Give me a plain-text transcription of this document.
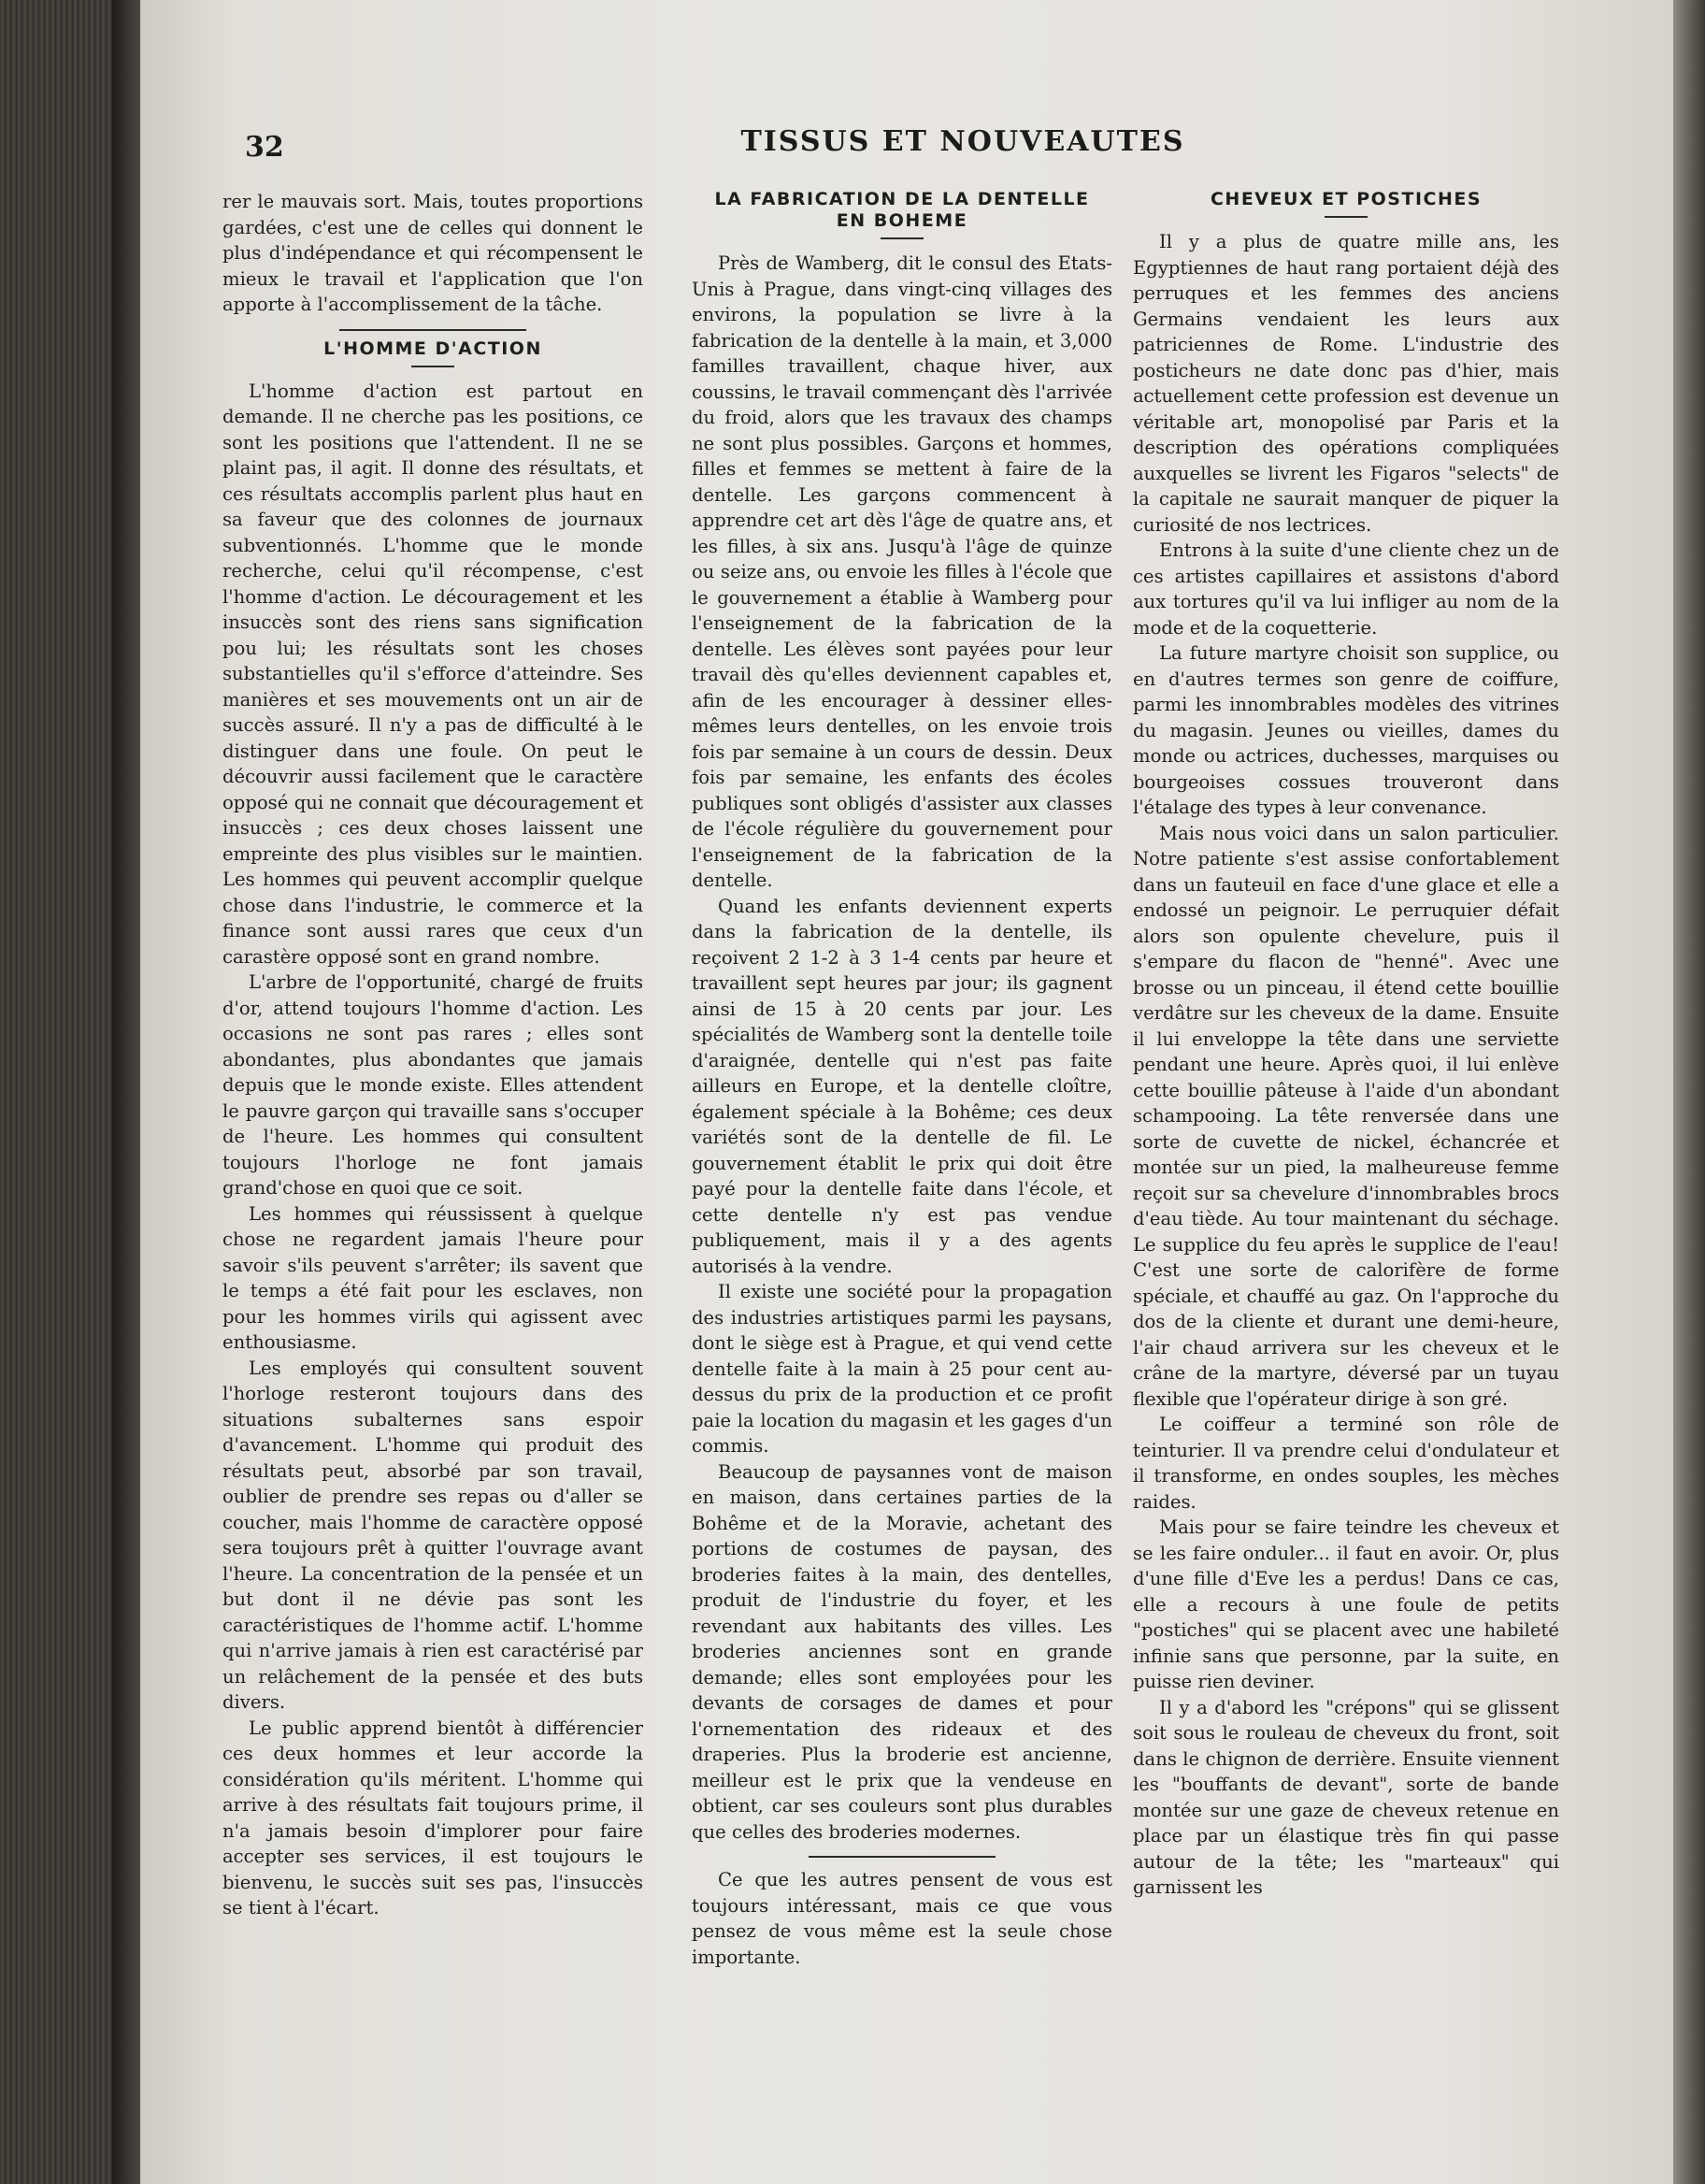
32	TISSUS ET NOUVEAUTES

rer le mauvais sort. Mais, toutes proportions gardées, c'est une de celles qui donnent le plus d'indépendance et qui récompensent le mieux le travail et l'application que l'on apporte à l'accomplissement de la tâche.

L'HOMME D'ACTION

L'homme d'action est partout en demande. Il ne cherche pas les positions, ce sont les positions que l'attendent. Il ne se plaint pas, il agit. Il donne des résultats, et ces résultats accomplis parlent plus haut en sa faveur que des colonnes de journaux subventionnés. L'homme que le monde recherche, celui qu'il récompense, c'est l'homme d'action. Le découragement et les insuccès sont des riens sans signification pou lui; les résultats sont les choses substantielles qu'il s'efforce d'atteindre. Ses manières et ses mouvements ont un air de succès assuré. Il n'y a pas de difficulté à le distinguer dans une foule. On peut le découvrir aussi facilement que le caractère opposé qui ne connait que découragement et insuccès ; ces deux choses laissent une empreinte des plus visibles sur le maintien. Les hommes qui peuvent accomplir quelque chose dans l'industrie, le commerce et la finance sont aussi rares que ceux d'un carastère opposé sont en grand nombre.

L'arbre de l'opportunité, chargé de fruits d'or, attend toujours l'homme d'action. Les occasions ne sont pas rares ; elles sont abondantes, plus abondantes que jamais depuis que le monde existe. Elles attendent le pauvre garçon qui travaille sans s'occuper de l'heure. Les hommes qui consultent toujours l'horloge ne font jamais grand'chose en quoi que ce soit.

Les hommes qui réussissent à quelque chose ne regardent jamais l'heure pour savoir s'ils peuvent s'arrêter; ils savent que le temps a été fait pour les esclaves, non pour les hommes virils qui agissent avec enthousiasme.

Les employés qui consultent souvent l'horloge resteront toujours dans des situations subalternes sans espoir d'avancement. L'homme qui produit des résultats peut, absorbé par son travail, oublier de prendre ses repas ou d'aller se coucher, mais l'homme de caractère opposé sera toujours prêt à quitter l'ouvrage avant l'heure. La concentration de la pensée et un but dont il ne dévie pas sont les caractéristiques de l'homme actif. L'homme qui n'arrive jamais à rien est caractérisé par un relâchement de la pensée et des buts divers.

Le public apprend bientôt à différencier ces deux hommes et leur accorde la considération qu'ils méritent. L'homme qui arrive à des résultats fait toujours prime, il n'a jamais besoin d'implorer pour faire accepter ses services, il est toujours le bienvenu, le succès suit ses pas, l'insuccès se tient à l'écart.

LA FABRICATION DE LA DENTELLE
EN BOHEME

Près de Wamberg, dit le consul des Etats-Unis à Prague, dans vingt-cinq villages des environs, la population se livre à la fabrication de la dentelle à la main, et 3,000 familles travaillent, chaque hiver, aux coussins, le travail commençant dès l'arrivée du froid, alors que les travaux des champs ne sont plus possibles. Garçons et hommes, filles et femmes se mettent à faire de la dentelle. Les garçons commencent à apprendre cet art dès l'âge de quatre ans, et les filles, à six ans. Jusqu'à l'âge de quinze ou seize ans, ou envoie les filles à l'école que le gouvernement a établie à Wamberg pour l'enseignement de la fabrication de la dentelle. Les élèves sont payées pour leur travail dès qu'elles deviennent capables et, afin de les encourager à dessiner elles-mêmes leurs dentelles, on les envoie trois fois par semaine à un cours de dessin. Deux fois par semaine, les enfants des écoles publiques sont obligés d'assister aux classes de l'école régulière du gouvernement pour l'enseignement de la fabrication de la dentelle.

Quand les enfants deviennent experts dans la fabrication de la dentelle, ils reçoivent 2 1-2 à 3 1-4 cents par heure et travaillent sept heures par jour; ils gagnent ainsi de 15 à 20 cents par jour. Les spécialités de Wamberg sont la dentelle toile d'araignée, dentelle qui n'est pas faite ailleurs en Europe, et la dentelle cloître, également spéciale à la Bohême; ces deux variétés sont de la dentelle de fil. Le gouvernement établit le prix qui doit être payé pour la dentelle faite dans l'école, et cette dentelle n'y est pas vendue publiquement, mais il y a des agents autorisés à la vendre.

Il existe une société pour la propagation des industries artistiques parmi les paysans, dont le siège est à Prague, et qui vend cette dentelle faite à la main à 25 pour cent au-dessus du prix de la production et ce profit paie la location du magasin et les gages d'un commis.

Beaucoup de paysannes vont de maison en maison, dans certaines parties de la Bohême et de la Moravie, achetant des portions de costumes de paysan, des broderies faites à la main, des dentelles, produit de l'industrie du foyer, et les revendant aux habitants des villes. Les broderies anciennes sont en grande demande; elles sont employées pour les devants de corsages de dames et pour l'ornementation des rideaux et des draperies. Plus la broderie est ancienne, meilleur est le prix que la vendeuse en obtient, car ses couleurs sont plus durables que celles des broderies modernes.

Ce que les autres pensent de vous est toujours intéressant, mais ce que vous pensez de vous même est la seule chose importante.

CHEVEUX ET POSTICHES

Il y a plus de quatre mille ans, les Egyptiennes de haut rang portaient déjà des perruques et les femmes des anciens Germains vendaient les leurs aux patriciennes de Rome. L'industrie des posticheurs ne date donc pas d'hier, mais actuellement cette profession est devenue un véritable art, monopolisé par Paris et la description des opérations compliquées auxquelles se livrent les Figaros "selects" de la capitale ne saurait manquer de piquer la curiosité de nos lectrices.

Entrons à la suite d'une cliente chez un de ces artistes capillaires et assistons d'abord aux tortures qu'il va lui infliger au nom de la mode et de la coquetterie.

La future martyre choisit son supplice, ou en d'autres termes son genre de coiffure, parmi les innombrables modèles des vitrines du magasin. Jeunes ou vieilles, dames du monde ou actrices, duchesses, marquises ou bourgeoises cossues trouveront dans l'étalage des types à leur convenance.

Mais nous voici dans un salon particulier. Notre patiente s'est assise confortablement dans un fauteuil en face d'une glace et elle a endossé un peignoir. Le perruquier défait alors son opulente chevelure, puis il s'empare du flacon de "henné". Avec une brosse ou un pinceau, il étend cette bouillie verdâtre sur les cheveux de la dame. Ensuite il lui enveloppe la tête dans une serviette pendant une heure. Après quoi, il lui enlève cette bouillie pâteuse à l'aide d'un abondant schampooing. La tête renversée dans une sorte de cuvette de nickel, échancrée et montée sur un pied, la malheureuse femme reçoit sur sa chevelure d'innombrables brocs d'eau tiède. Au tour maintenant du séchage. Le supplice du feu après le supplice de l'eau! C'est une sorte de calorifère de forme spéciale, et chauffé au gaz. On l'approche du dos de la cliente et durant une demi-heure, l'air chaud arrivera sur les cheveux et le crâne de la martyre, déversé par un tuyau flexible que l'opérateur dirige à son gré.

Le coiffeur a terminé son rôle de teinturier. Il va prendre celui d'ondulateur et il transforme, en ondes souples, les mèches raides.

Mais pour se faire teindre les cheveux et se les faire onduler... il faut en avoir. Or, plus d'une fille d'Eve les a perdus! Dans ce cas, elle a recours à une foule de petits "postiches" qui se placent avec une habileté infinie sans que personne, par la suite, en puisse rien deviner.

Il y a d'abord les "crépons" qui se glissent soit sous le rouleau de cheveux du front, soit dans le chignon de derrière. Ensuite viennent les "bouffants de devant", sorte de bande montée sur une gaze de cheveux retenue en place par un élastique très fin qui passe autour de la tête; les "marteaux" qui garnissent les
